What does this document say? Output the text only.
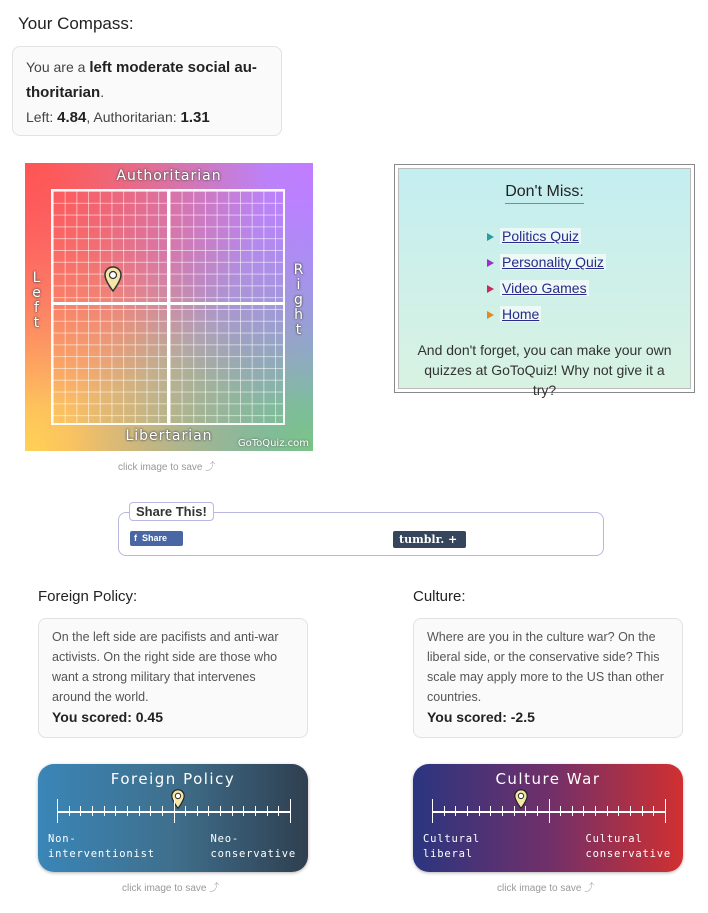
Your Compass:
You are a left moderate social au-thoritarian.
Left: 4.84, Authoritarian: 1.31
Authoritarian
Libertarian
Left
Right
GoToQuiz.com
click image to save ⤴
Don't Miss:
Politics Quiz
Personality Quiz
Video Games
Home
And don't forget, you can make your own quizzes at GoToQuiz! Why not give it a try?
Share This!
f  Share	tumblr. +
Foreign Policy:
On the left side are pacifists and anti-war activists. On the right side are those who want a strong military that intervenes around the world.
You scored: 0.45
Foreign Policy
Non-
interventionist
Neo-
conservative
click image to save ⤴
Culture:
Where are you in the culture war? On the liberal side, or the conservative side? This scale may apply more to the US than other countries.
You scored: -2.5
Culture War
Cultural
liberal
Cultural
conservative
click image to save ⤴
